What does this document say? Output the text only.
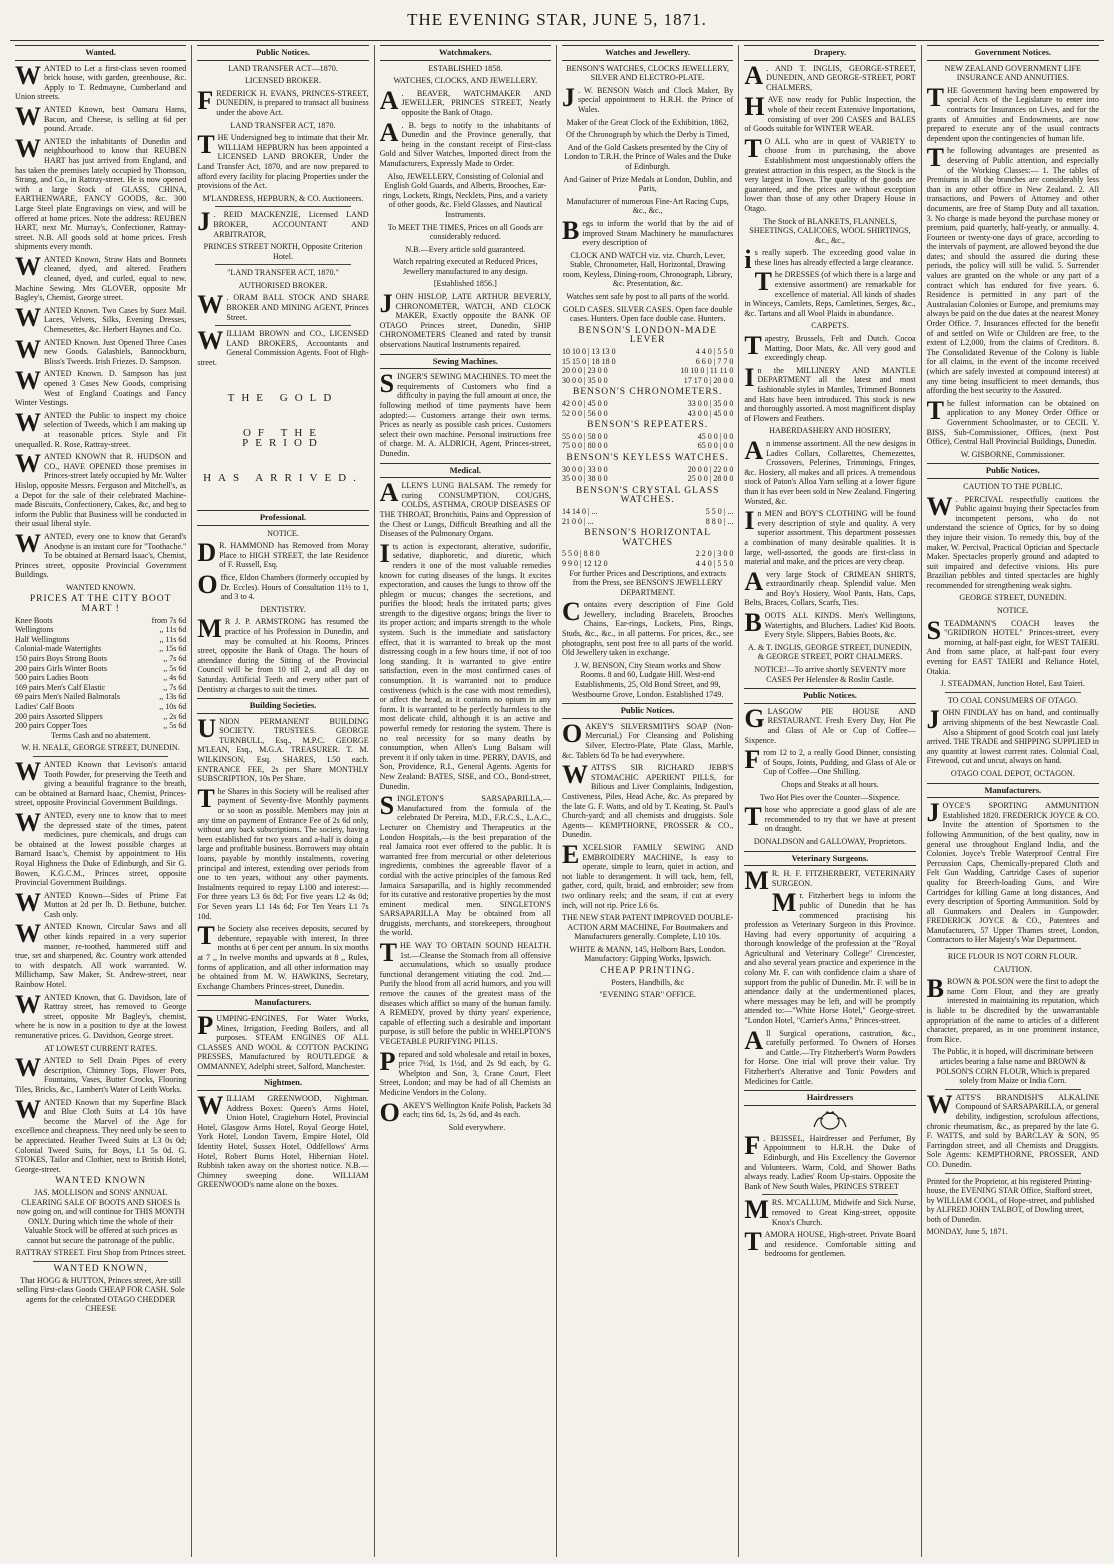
THE EVENING STAR, JUNE 5, 1871.
Wanted.
WANTED to Let a first-class seven roomed brick house, with garden, greenhouse, &c. Apply to T. Redmayne, Cumberland and Union streets.
WANTED Known, best Oamaru Hams, Bacon, and Cheese, is selling at 6d per pound. Arcade.
WANTED the inhabitants of Dunedin and neighbourhood to know that REUBEN HART has just arrived from England, and has taken the premises lately occupied by Thomson, Strang, and Co., in Rattray-street. He is now opened with a large Stock of GLASS, CHINA, EARTHENWARE, FANCY GOODS, &c. 300 Large Steel plate Engravings on view, and will be offered at home prices. Note the address: REUBEN HART, next Mr. Murray's, Confectioner, Rattray-street. N.B. All goods sold at home prices. Fresh shipments every month.
WANTED Known, Straw Hats and Bonnets cleaned, dyed, and altered. Feathers cleaned, dyed, and curled, equal to new. Machine Sewing. Mrs GLOVER, opposite Mr Bagley's, Chemist, George street.
WANTED Known. Two Cases by Suez Mail. Laces, Velvets, Silks, Evening Dresses, Chemesettes, &c. Herbert Haynes and Co.
WANTED Known. Just Opened Three Cases new Goods. Galashiels, Bannockburn, Bliss's Tweeds. Irish Friezes. D. Sampson.
WANTED Known. D. Sampson has just opened 3 Cases New Goods, comprising West of England Coatings and Fancy Winter Vestings.
WANTED the Public to inspect my choice selection of Tweeds, which I am making up at reasonable prices. Style and Fit unequalled. R. Rose, Rattray-street.
WANTED KNOWN that R. HUDSON and CO., HAVE OPENED those premises in Princes-street lately occupied by Mr. Walter Hislop, opposite Messrs. Ferguson and Mitchell's, as a Depot for the sale of their celebrated Machine-made Biscuits, Confectionery, Cakes, &c, and beg to inform the Public that Business will be conducted in their usual liberal style.
WANTED, every one to know that Gerard's Anodyne is an instant cure for "Toothache." To be obtained at Bernard Isaac's, Chemist, Princes street, opposite Provincial Government Buildings.
WANTED KNOWN.
PRICES AT THE CITY BOOT MART !
Knee Boots	from 7s 6d
Wellingtons	,, 11s 6d
Half Wellingtons	,, 11s 6d
Colonial-made Watertights	,, 15s 6d
150 pairs Boys Strong Boots	,, 7s 6d
200 pairs Girls Winter Boots	,, 5s 6d
500 pairs Ladies Boots	,, 4s 6d
169 pairs Men's Calf Elastic	,, 7s 6d
69 pairs Men's Nailed Balmorals	,, 13s 6d
Ladies' Calf Boots	,, 10s 6d
200 pairs Assorted Slippers	,, 2s 6d
200 pairs Copper Toes	,, 5s 6d
Terms Cash and no abatement.
W. H. NEALE, GEORGE STREET, DUNEDIN.
WANTED Known that Levison's antacid Tooth Powder, for preserving the Teeth and giving a beautiful fragrance to the breath, can be obtained at Barnard Isaac, Chemist, Princes-street, opposite Provincial Government Buildings.
WANTED, every one to know that to meet the depressed state of the times, patent medicines, pure chemicals, and drugs can be obtained at the lowest possible charges at Barnard Isaac's, Chemist by appointment to His Royal Highness the Duke of Edinburgh, and Sir G. Bowen, K.G.C.M., Princes street, opposite Provincial Government Buildings.
WANTED Known—Sides of Prime Fat Mutton at 2d per lb. D. Bethune, butcher. Cash only.
WANTED Known, Circular Saws and all other kinds repaired in a very superior manner, re-toothed, hammered stiff and true, set and sharpened, &c. Country work attended to with despatch. All work warranted. W. Millichamp, Saw Maker, St. Andrew-street, near Rainbow Hotel.
WANTED Known, that G. Davidson, late of Rattray street, has removed to George street, opposite Mr Bagley's, chemist, where he is now in a position to dye at the lowest remunerative prices. G. Davidson, George street.
AT LOWEST CURRENT RATES.
WANTED to Sell Drain Pipes of every description, Chimney Tops, Flower Pots, Fountains, Vases, Butter Crocks, Flooring Tiles, Bricks, &c., Lambert's Water of Leith Works.
WANTED Known that my Superfine Black and Blue Cloth Suits at L4 10s have become the Marvel of the Age for excellence and cheapness. They need only be seen to be appreciated. Heather Tweed Suits at L3 0s 0d; Colonial Tweed Suits, for Boys, L1 5s 0d. G. STOKES, Tailor and Clothier, next to British Hotel, George-street.
WANTED KNOWN
JAS. MOLLISON and SONS' ANNUAL CLEARING SALE OF BOOTS AND SHOES Is now going on, and will continue for THIS MONTH ONLY. During which time the whole of their Valuable Stock will be offered at such prices as cannot but secure the patronage of the public.
RATTRAY STREET. First Shop from Princes street.
WANTED KNOWN,
That HOGG & HUTTON, Princes street, Are still selling First-class Goods CHEAP FOR CASH. Sole agents for the celebrated OTAGO CHEDDER CHEESE
Public Notices.
LAND TRANSFER ACT—1870.
LICENSED BROKER.
FREDERICK H. EVANS, PRINCES-STREET, DUNEDIN, is prepared to transact all business under the above Act.
LAND TRANSFER ACT, 1870.
THE Undersigned beg to intimate that their Mr. WILLIAM HEPBURN has been appointed a LICENSED LAND BROKER, Under the Land Transfer Act, 1870, and are now prepared to afford every facility for placing Properties under the provisions of the Act.
M'LANDRESS, HEPBURN, & CO. Auctioneers.
J . REID MACKENZIE, Licensed LAND BROKER, ACCOUNTANT AND ARBITRATOR,
PRINCES STREET NORTH, Opposite Criterion Hotel.
"LAND TRANSFER ACT, 1870."
AUTHORISED BROKER.
W . ORAM BALL STOCK AND SHARE BROKER AND MINING AGENT, Princes Street.
WILLIAM BROWN and CO., LICENSED LAND BROKERS, Accountants and General Commission Agents. Foot of High-street.
THE GOLD
OF THE PERIOD
HAS ARRIVED.
Professional.
NOTICE.
D R. HAMMOND has Removed from Moray Place to HIGH STREET, the late Residence of F. Russell, Esq.
Office, Eldon Chambers (formerly occupied by Dr. Eccles). Hours of Consultation 11½ to 1, and 3 to 4.
DENTISTRY.
M R J. P. ARMSTRONG has resumed the practice of his Profession in Dunedin, and may be consulted at his Rooms, Princes street, opposite the Bank of Otago. The hours of attendance during the Sitting of the Provincial Council will be from 10 till 2, and all day on Saturday. Artificial Teeth and every other part of Dentistry at charges to suit the times.
Building Societies.
UNION PERMANENT BUILDING SOCIETY. TRUSTEES. GEORGE TURNBULL, Esq., M.P.C. GEORGE M'LEAN, Esq., M.G.A. TREASURER. T. M. WILKINSON, Esq. SHARES, L50 each. ENTRANCE FEE, 2s per Share MONTHLY SUBSCRIPTION, 10s Per Share.
The Shares in this Society will be realised after payment of Seventy-five Monthly payments or so soon as possible. Members may join at any time on payment of Entrance Fee of 2s 6d only, without any back subscriptions. The society, having been established for two years and a-half is doing a large and profitable business. Borrowers may obtain loans, payable by monthly instalments, covering principal and interest, extending over periods from one to ten years, without any other payments. Instalments required to repay L100 and interest:— For three years L3 6s 8d; For five years L2 4s 0d; For Seven years L1 14s 6d; For Ten Years L1 7s 10d.
The Society also receives deposits, secured by debenture, repayable with interest, In three months at 6 per cent per annum. In six months at 7 ,, In twelve months and upwards at 8 ,, Rules, forms of application, and all other information may be obtained from M. W. HAWKINS, Secretary, Exchange Chambers Princes-street, Dunedin.
Manufacturers.
PUMPING-ENGINES, For Water Works, Mines, Irrigation, Feeding Boilers, and all purposes. STEAM ENGINES OF ALL CLASSES AND WOOL & COTTON PACKING PRESSES, Manufactured by ROUTLEDGE & OMMANNEY, Adelphi street, Salford, Manchester.
Nightmen.
WILLIAM GREENWOOD, Nightman. Address Boxes: Queen's Arms Hotel, Union Hotel, Cragieburn Hotel, Provincial Hotel, Glasgow Arms Hotel, Royal George Hotel, York Hotel, London Tavern, Empire Hotel, Old Identity Hotel, Sussex Hotel, Oddfellows' Arms Hotel, Robert Burns Hotel, Hibernian Hotel. Rubbish taken away on the shortest notice. N.B.—Chimney sweeping done. WILLIAM GREENWOOD's name alone on the boxes.
Watchmakers.
ESTABLISHED 1858.
WATCHES, CLOCKS, AND JEWELLERY.
A . BEAVER, WATCHMAKER AND JEWELLER, PRINCES STREET, Nearly opposite the Bank of Otago.
A . B. begs to notify to the inhabitants of Dunedin and the Province generally, that being in the constant receipt of First-class Gold and Silver Watches, Imported direct from the Manufacturers, Expressly Made to Order.
Also, JEWELLERY, Consisting of Colonial and English Gold Guards, and Alberts, Brooches, Ear-rings, Lockets, Rings, Necklets, Pins, and a variety of other goods, &c. Field Glasses, and Nautical Instruments.
To MEET THE TIMES, Prices on all Goods are considerably reduced.
N.B.—Every article sold guaranteed.
Watch repairing executed at Reduced Prices, Jewellery manufactured to any design.
[Established 1856.]
JOHN HISLOP, LATE ARTHUR BEVERLY, CHRONOMETER, WATCH, AND CLOCK MAKER, Exactly opposite the BANK OF OTAGO Princes street, Dunedin, SHIP CHRONOMETERS Cleaned and rated by transit observations Nautical Instruments repaired.
Sewing Machines.
SINGER'S SEWING MACHINES. TO meet the requirements of Customers who find a difficulty in paying the full amount at once, the following method of time payments have been adopted:— Customers arrange their own terms. Prices as nearly as possible cash prices. Customers select their own machine. Personal instructions free of charge. M. A. ALDRICH, Agent, Princes-street, Dunedin.
Medical.
ALLEN'S LUNG BALSAM. The remedy for curing CONSUMPTION, COUGHS, COLDS, ASTHMA, CROUP DISEASES OF THE THROAT, Bronchitis, Pains and Oppression of the Chest or Lungs, Difficult Breathing and all the Diseases of the Pulmonary Organs.
Its action is expectorant, alterative, sudorific, sedative, diaphoretic, and diuretic, which renders it one of the most valuable remedies known for curing diseases of the lungs. It excites expectoration, and causes the lungs to throw off the phlegm or mucus; changes the secretions, and purifies the blood; heals the irritated parts; gives strength to the digestive organs; brings the liver to its proper action; and imparts strength to the whole system. Such is the immediate and satisfactory effect, that it is warranted to break up the most distressing cough in a few hours time, if not of too long standing. It is warranted to give entire satisfaction, even in the most confirmed cases of consumption. It is warranted not to produce costiveness (which is the case with most remedies), or affect the head, as it contains no opium in any form. It is warranted to be perfectly harmless to the most delicate child, although it is an active and powerful remedy for restoring the system. There is no real necessity for so many deaths by consumption, when Allen's Lung Balsam will prevent it if only taken in time. PERRY, DAVIS, and Son, Providence, R.I., General Agents. Agents for New Zealand: BATES, SISE, and CO., Bond-street, Dunedin.
SINGLETON'S SARSAPARILLA,— Manufactured from the formula of the celebrated Dr Pereira, M.D., F.R.C.S., L.A.C., Lecturer on Chemistry and Therapeutics at the London Hospitals,—is the best preparation of the real Jamaica root ever offered to the public. It is warranted free from mercurial or other deleterious ingredients, combines the agreeable flavor of a cordial with the active principles of the famous Red Jamaica Sarsaparilla, and is highly recommended for its curative and restorative properties by the most eminent medical men. SINGLETON'S SARSAPARILLA May be obtained from all druggists, merchants, and storekeepers, throughout the world.
THE WAY TO OBTAIN SOUND HEALTH. 1st.—Cleanse the Stomach from all offensive accumulations, which so usually produce functional derangement vitiating the cod. 2nd.—Purify the blood from all acrid humors, and you will remove the causes of the greatest mass of the diseases which afflict so many of the human family. A REMEDY, proved by thirty years' experience, capable of effecting such a desirable and important purpose, is still before the public in WHELPTON'S VEGETABLE PURIFYING PILLS.
Prepared and sold wholesale and retail in boxes, price 7½d, 1s 1½d, and 2s 9d each, by G. Whelpton and Son, 3, Crane Court, Fleet Street, London; and may be had of all Chemists an Medicine Vendors in the Colony.
OAKEY'S Wellington Knife Polish, Packets 3d each; tins 6d, 1s, 2s 6d, and 4s each.
Sold everywhere.
Watches and Jewellery.
BENSON'S WATCHES, CLOCKS JEWELLERY, SILVER AND ELECTRO-PLATE.
J . W. BENSON Watch and Clock Maker, By special appointment to H.R.H. the Prince of Wales.
Maker of the Great Clock of the Exhibition, 1862,
Of the Chronograph by which the Derby is Timed,
And of the Gold Caskets presented by the City of London to T.R.H. the Prince of Wales and the Duke of Edinburgh.
And Gainer of Prize Medals at London, Dublin, and Paris,
Manufacturer of numerous Fine-Art Racing Cups, &c., &c.,
Begs to inform the world that by the aid of improved Steam Machinery he manufactures every description of
CLOCK AND WATCH viz. viz. Church, Lever, Stable, Chronometer, Hall, Horizontal, Drawing room, Keyless, Dining-room, Chronograph, Library, &c. Presentation, &c.
Watches sent safe by post to all parts of the world.
GOLD CASES. SILVER CASES. Open face double cases. Hunters. Open face double case. Hunters.
BENSON'S LONDON-MADE LEVER
10 10 0 | 13 13 0	4 4 0 | 5 5 0
15 15 0 | 18 18 0	6 6 0 | 7 7 0
20 0 0 | 23 0 0	10 10 0 | 11 11 0
30 0 0 | 35 0 0	17 17 0 | 20 0 0
BENSON'S CHRONOMETERS.
42 0 0 | 45 0 0	33 0 0 | 35 0 0
52 0 0 | 56 0 0	43 0 0 | 45 0 0
BENSON'S REPEATERS.
55 0 0 | 58 0 0	45 0 0 | 0 0
75 0 0 | 80 0 0	65 0 0 | 0 0
BENSON'S KEYLESS WATCHES.
30 0 0 | 33 0 0	20 0 0 | 22 0 0
35 0 0 | 38 0 0	25 0 0 | 28 0 0
BENSON'S CRYSTAL GLASS WATCHES.
14 14 0 | ...	5 5 0 | ...
21 0 0 | ...	8 8 0 | ...
BENSON'S HORIZONTAL WATCHES
5 5 0 | 8 8 0	2 2 0 | 3 0 0
9 9 0 | 12 12 0	4 4 0 | 5 5 0
For further Prices and Descriptions, and extracts from the Press, see BENSON'S JEWELLERY DEPARTMENT.
Contains every description of Fine Gold Jewellery, including Bracelets, Brooches Chains, Ear-rings, Lockets, Pins, Rings, Studs, &c., &c., in all patterns. For prices, &c., see photographs, sent post free to all parts of the world. Old Jewellery taken in exchange.
J. W. BENSON, City Steam works and Show Rooms. 8 and 60, Ludgate Hill. West-end Establishments, 25, Old Bond Street, and 99, Westbourne Grove, London. Established 1749.
Public Notices.
OAKEY'S SILVERSMITH'S SOAP (Non-Mercurial,) For Cleansing and Polishing Silver, Electro-Plate, Plate Glass, Marble, &c. Tablets 6d To be had everywhere.
WATTS'S SIR RICHARD JEBB'S STOMACHIC APERIENT PILLS, for Bilious and Liver Complaints, Indigestion, Costiveness, Piles, Head Ache, &c. As prepared by the late G. F. Watts, and old by T. Keating, St. Paul's Church-yard; and all chemists and druggists. Sole Agents— KEMPTHORNE, PROSSER & CO., Dunedin.
EXCELSIOR FAMILY SEWING AND EMBROIDERY MACHINE, Is easy to operate, simple to learn, quiet in action, and not liable to derangement. It will tack, hem, fell, gather, cord, quilt, braid, and embroider; sew from two ordinary reels; and the seam, if cut at every inch, will not rip. Price L6 6s.
THE NEW STAR PATENT IMPROVED DOUBLE-ACTION ARM MACHINE, For Bootmakers and Manufacturers generally. Complete, L10 10s.
WHITE & MANN, 145, Holborn Bars, London. Manufactory: Gipping Works, Ipswich.
CHEAP PRINTING.
Posters, Handbills, &c
"EVENING STAR" OFFICE.
Drapery.
A . AND T. INGLIS, GEORGE-STREET, DUNEDIN, AND GEORGE-STREET, PORT CHALMERS,
HAVE now ready for Public Inspection, the whole of their recent Extensive Importations, consisting of over 200 CASES and BALES of Goods suitable for WINTER WEAR.
T O ALL who are in quest of VARIETY to choose from in purchasing, the above Establishment most unquestionably offers the greatest attraction in this respect, as the Stock is the very largest in Town. The quality of the goods are guaranteed, and the prices are without exception lower than those of any other Drapery House in Otago.
The Stock of BLANKETS, FLANNELS, SHEETINGS, CALICOES, WOOL SHIRTINGS, &c., &c.,
is really superb. The exceeding good value in these lines has already effected a large clearance.
The DRESSES (of which there is a large and extensive assortment) are remarkable for excellence of material. All kinds of shades in Winceys, Camlets, Reps, Camletines, Serges, &c., &c. Tartans and all Wool Plaids in abundance.
CARPETS.
Tapestry, Brussels, Felt and Dutch. Cocoa Matting, Door Mats, &c. All very good and exceedingly cheap.
In the MILLINERY AND MANTLE DEPARTMENT all the latest and most fashionable styles in Mantles, Trimmed Bonnets and Hats have been introduced. This stock is new and thoroughly assorted. A most magnificent display of Flowers and Feathers.
HABERDASHERY AND HOSIERY,
An immense assortment. All the new designs in Ladies Collars, Collarettes, Chemezettes, Crossovers, Pelerines, Trimmings, Fringes, &c. Hosiery, all makes and all prices. A tremendous stock of Paton's Alloa Yarn selling at a lower figure than it has ever been sold in New Zealand. Fingering Worsted, &c.
In MEN and BOY'S CLOTHING will be found every description of style and quality. A very superior assortment. This department possesses a combination of many desirable qualities. It is large, well-assorted, the goods are first-class in material and make, and the prices are very cheap.
A very large Stock of CRIMEAN SHIRTS, extraordinarily cheap. Splendid value. Men and Boy's Hosiery, Wool Pants, Hats, Caps, Belts, Braces, Collars, Scarfs, Ties.
BOOTS ALL KINDS. Men's Wellingtons, Watertights, and Bluchers. Ladies' Kid Boots. Every Style. Slippers, Babies Boots, &c.
A. & T. INGLIS, GEORGE STREET, DUNEDIN, & GEORGE STREET, PORT CHALMERS.
NOTICE!—To arrive shortly SEVENTY more CASES Per Helenslee & Roslin Castle.
Public Notices.
GLASGOW PIE HOUSE AND RESTAURANT. Fresh Every Day, Hot Pie and Glass of Ale or Cup of Coffee—Sixpence.
From 12 to 2, a really Good Dinner, consisting of Soups, Joints, Pudding, and Glass of Ale or Cup of Coffee—One Shilling.
Chops and Steaks at all hours.
Two Hot Pies over the Counter—Sixpence.
Those who appreciate a good glass of ale are recommended to try that we have at present on draught.
DONALDSON and GALLOWAY, Proprietors.
Veterinary Surgeons.
M R. H. F. FITZHERBERT, VETERINARY SURGEON.
Mr. Fitzherbert begs to inform the public of Dunedin that he has commenced practising his profession as Veterinary Surgeon in this Province. Having had every opportunity of acquiring a thorough knowledge of the profession at the "Royal Agricultural and Veterinary College" Cirencester, and also several years practice and experience in the colony Mr. F. can with confidence claim a share of support from the public of Dunedin. Mr. F. will be in attendance daily at the undermentioned places, where messages may be left, and will be promptly attended to:—"White Horse Hotel," George-street. "London Hotel, "Carrier's Arms," Princes-street.
All Surgical operations, castration, &c., carefully performed. To Owners of Horses and Cattle.—Try Fitzherbert's Worm Powders for Horse. One trial will prove their value. Try Fitzherbert's Alterative and Tonic Powders and Medicines for Cattle.
Hairdressers
F . BEISSEL, Hairdresser and Perfumer, By Appointment to H.R.H. the Duke of Edinburgh, and His Excellency the Governor and Volunteers. Warm, Cold, and Shower Baths always ready. Ladies' Room Up-stairs. Opposite the Bank of New South Wales, PRINCES STREET
MRS. M'CALLUM, Midwife and Sick Nurse, removed to Great King-street, opposite Knox's Church.
TAMORA HOUSE, High-street. Private Board and residence. Comfortable sitting and bedrooms for gentlemen.
Government Notices.
NEW ZEALAND GOVERNMENT LIFE INSURANCE AND ANNUITIES.
THE Government having been empowered by special Acts of the Legislature to enter into contracts for Insurances on Lives, and for the grants of Annuities and Endowments, are now prepared to execute any of the usual contracts dependent upon the contingencies of human life.
The following advantages are presented as deserving of Public attention, and especially of the Working Classes:— 1. The tables of Premiums in all the branches are considerably less than in any other office in New Zealand. 2. All transactions, and Powers of Attorney and other documents, are free of Stamp Duty and all taxation. 3. No charge is made beyond the purchase money or premium, paid quarterly, half-yearly, or annually. 4. Fourteen or twenty-one days of grace, according to the intervals of payment, are allowed beyond the due dates; and should the assured die during these periods, the policy will still be valid. 5. Surrender values are granted on the whole or any part of a contract which has endured for five years. 6. Residence is permitted in any part of the Australasian Colonies or Europe, and premiums may always be paid on the due dates at the nearest Money Order Office. 7. Insurances effected for the benefit of and settled on Wife or Children are free, to the extent of L2,000, from the claims of Creditors. 8. The Consolidated Revenue of the Colony is liable for all claims, in the event of the income received (which are safely invested at compound interest) at any time being insufficient to meet demands, thus affording the best security to the Assured.
The fullest information can be obtained on application to any Money Order Office or Government Schoolmaster, or to CECIL Y. BISS, Sub-Commissioner, Offices, (next Post Office), Central Hall Provincial Buildings, Dunedin.
W. GISBORNE, Commissioner.
Public Notices.
CAUTION TO THE PUBLIC.
W . PERCIVAL respectfully cautions the Public against buying their Spectacles from incompetent persons, who do not understand the science of Optics, for by so doing they injure their vision. To remedy this, buy of the maker, W. Percival, Practical Optician and Spectacle Maker. Spectacles properly ground and adapted to suit impaired and defective visions. His pure Brazilian pebbles and tinted spectacles are highly recommended for strengthening weak sights.
GEORGE STREET, DUNEDIN.
NOTICE.
STEADMANN'S COACH leaves the "GRIDIRON HOTEL" Princes-street, every morning, at half-past eight, for WEST TAIERI. And from same place, at half-past four every evening for EAST TAIERI and Reliance Hotel, Otakia.
J. STEADMAN, Junction Hotel, East Taieri.
TO COAL CONSUMERS OF OTAGO.
JOHN FINDLAY has on hand, and continually arriving shipments of the best Newcastle Coal. Also a Shipment of good Scotch coal just lately arrived. THE TRADE and SHIPPING SUPPLIED in any quantity at lowest current rates. Colonial Coal, Firewood, cut and uncut, always on hand.
OTAGO COAL DEPOT, OCTAGON.
Manufacturers.
JOYCE'S SPORTING AMMUNITION Established 1820. FREDERICK JOYCE & CO. Invite the attention of Sportsmen to the following Ammunition, of the best quality, now in general use throughout England India, and the Colonies. Joyce's Treble Waterproof Central Fire Percussion Caps, Chemically-prepared Cloth and Felt Gun Wadding, Cartridge Cases of superior quality for Breech-loading Guns, and Wire Cartridges for killing Game at long distances, And every description of Sporting Ammunition. Sold by all Gunmakers and Dealers in Gunpowder. FREDERICK JOYCE & CO., Patentees and Manufacturers, 57 Upper Thames street, London, Contractors to Her Majesty's War Department.
RICE FLOUR IS NOT CORN FLOUR.
CAUTION.
BROWN & POLSON were the first to adopt the name Corn Flour, and they are greatly interested in maintaining its reputation, which is liable to be discredited by the unwarrantable appropriation of the name to articles of a different character, prepared, as in one prominent instance, from Rice.
The Public, it is hoped, will discriminate between articles bearing a false name and BROWN & POLSON'S CORN FLOUR, Which is prepared solely from Maize or India Corn.
WATTS'S BRANDISH'S ALKALINE Compound of SARSAPARILLA, or general debility, indigestion, scrofulous affections, chronic rheumatism, &c., as prepared by the late G. F. WATTS, and sold by BARCLAY & SON, 95 Farringdon street, and all Chemists and Druggists. Sole Agents: KEMPTHORNE, PROSSER, AND CO. Dunedin.
Printed for the Proprietor, at his registered Printing-house, the EVENING STAR Office, Stafford street, by WILLIAM COOL, of Hope-street, and published by ALFRED JOHN TALBOT, of Dowling street, both of Dunedin.
MONDAY, June 5, 1871.
